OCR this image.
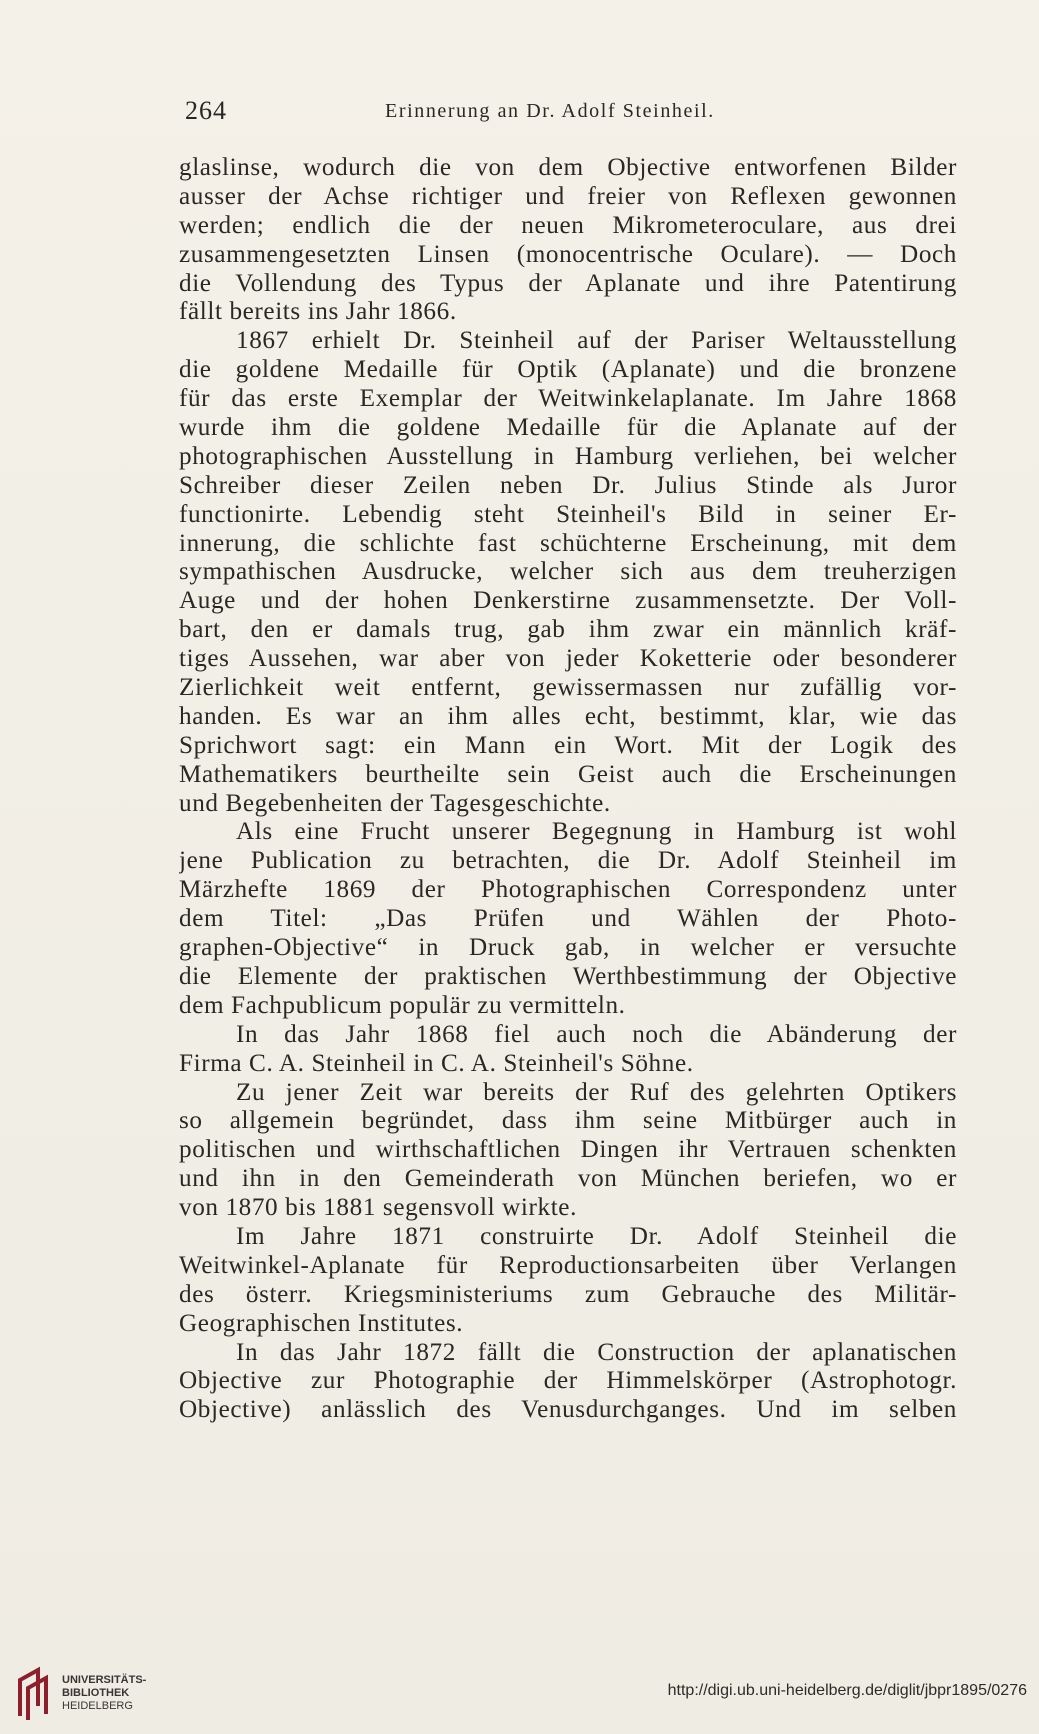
264	Erinnerung an Dr. Adolf Steinheil.
glaslinse, wodurch die von dem Objective entworfenen Bilder
ausser der Achse richtiger und freier von Reflexen gewonnen
werden; endlich die der neuen Mikrometeroculare, aus drei
zusammengesetzten Linsen (monocentrische Oculare). — Doch
die Vollendung des Typus der Aplanate und ihre Patentirung
fällt bereits ins Jahr 1866.
1867 erhielt Dr. Steinheil auf der Pariser Weltausstellung
die goldene Medaille für Optik (Aplanate) und die bronzene
für das erste Exemplar der Weitwinkelaplanate. Im Jahre 1868
wurde ihm die goldene Medaille für die Aplanate auf der
photographischen Ausstellung in Hamburg verliehen, bei welcher
Schreiber dieser Zeilen neben Dr. Julius Stinde als Juror
functionirte. Lebendig steht Steinheil's Bild in seiner Er-
innerung, die schlichte fast schüchterne Erscheinung, mit dem
sympathischen Ausdrucke, welcher sich aus dem treuherzigen
Auge und der hohen Denkerstirne zusammensetzte. Der Voll-
bart, den er damals trug, gab ihm zwar ein männlich kräf-
tiges Aussehen, war aber von jeder Koketterie oder besonderer
Zierlichkeit weit entfernt, gewissermassen nur zufällig vor-
handen. Es war an ihm alles echt, bestimmt, klar, wie das
Sprichwort sagt: ein Mann ein Wort. Mit der Logik des
Mathematikers beurtheilte sein Geist auch die Erscheinungen
und Begebenheiten der Tagesgeschichte.
Als eine Frucht unserer Begegnung in Hamburg ist wohl
jene Publication zu betrachten, die Dr. Adolf Steinheil im
Märzhefte 1869 der Photographischen Correspondenz unter
dem Titel: „Das Prüfen und Wählen der Photo-
graphen-Objective“ in Druck gab, in welcher er versuchte
die Elemente der praktischen Werthbestimmung der Objective
dem Fachpublicum populär zu vermitteln.
In das Jahr 1868 fiel auch noch die Abänderung der
Firma C. A. Steinheil in C. A. Steinheil's Söhne.
Zu jener Zeit war bereits der Ruf des gelehrten Optikers
so allgemein begründet, dass ihm seine Mitbürger auch in
politischen und wirthschaftlichen Dingen ihr Vertrauen schenkten
und ihn in den Gemeinderath von München beriefen, wo er
von 1870 bis 1881 segensvoll wirkte.
Im Jahre 1871 construirte Dr. Adolf Steinheil die
Weitwinkel-Aplanate für Reproductionsarbeiten über Verlangen
des österr. Kriegsministeriums zum Gebrauche des Militär-
Geographischen Institutes.
In das Jahr 1872 fällt die Construction der aplanatischen
Objective zur Photographie der Himmelskörper (Astrophotogr.
Objective) anlässlich des Venusdurchganges. Und im selben
UNIVERSITÄTS-
BIBLIOTHEK
HEIDELBERG
http://digi.ub.uni-heidelberg.de/diglit/jbpr1895/0276
